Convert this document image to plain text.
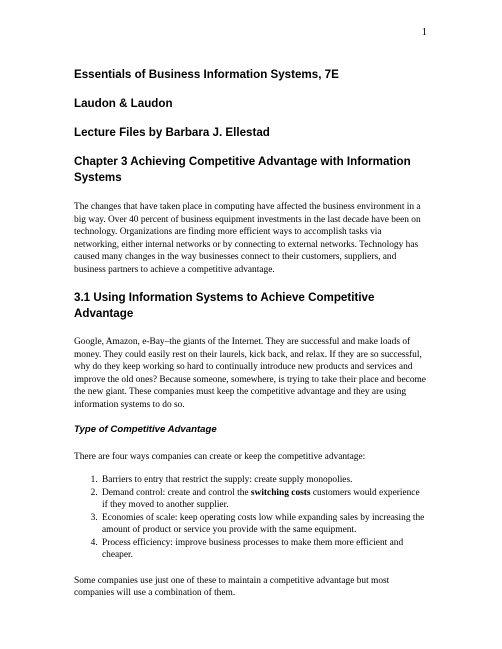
1
Essentials of Business Information Systems, 7E
Laudon & Laudon
Lecture Files by Barbara J. Ellestad
Chapter 3 Achieving Competitive Advantage with Information Systems

The changes that have taken place in computing have affected the business environment in a big way. Over 40 percent of business equipment investments in the last decade have been on technology. Organizations are finding more efficient ways to accomplish tasks via networking, either internal networks or by connecting to external networks. Technology has caused many changes in the way businesses connect to their customers, suppliers, and business partners to achieve a competitive advantage.

3.1 Using Information Systems to Achieve Competitive Advantage

Google, Amazon, e-Bay–the giants of the Internet. They are successful and make loads of money. They could easily rest on their laurels, kick back, and relax. If they are so successful, why do they keep working so hard to continually introduce new products and services and improve the old ones? Because someone, somewhere, is trying to take their place and become the new giant. These companies must keep the competitive advantage and they are using information systems to do so.

Type of Competitive Advantage

There are four ways companies can create or keep the competitive advantage:

1. Barriers to entry that restrict the supply: create supply monopolies.
2. Demand control: create and control the switching costs customers would experience if they moved to another supplier.
3. Economies of scale: keep operating costs low while expanding sales by increasing the amount of product or service you provide with the same equipment.
4. Process efficiency: improve business processes to make them more efficient and cheaper.

Some companies use just one of these to maintain a competitive advantage but most companies will use a combination of them.
